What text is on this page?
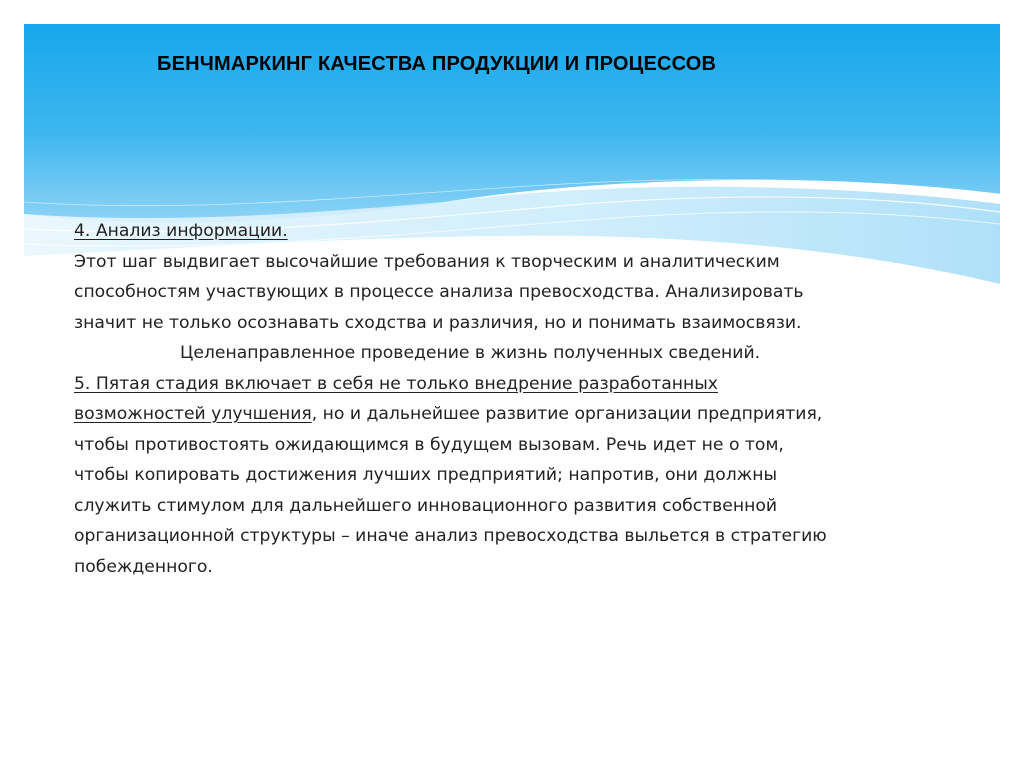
БЕНЧМАРКИНГ КАЧЕСТВА ПРОДУКЦИИ И ПРОЦЕССОВ
4. Анализ информации.
Этот шаг выдвигает высочайшие требования к творческим и аналитическим
способностям участвующих в процессе анализа превосходства. Анализировать
значит не только осознавать сходства и различия, но и понимать взаимосвязи.
Целенаправленное проведение в жизнь полученных сведений.
5. Пятая стадия включает в себя не только внедрение разработанных
возможностей улучшения, но и дальнейшее развитие организации предприятия,
чтобы противостоять ожидающимся в будущем вызовам. Речь идет не о том,
чтобы копировать достижения лучших предприятий; напротив, они должны
служить стимулом для дальнейшего инновационного развития собственной
организационной структуры – иначе анализ превосходства выльется в стратегию
побежденного.
